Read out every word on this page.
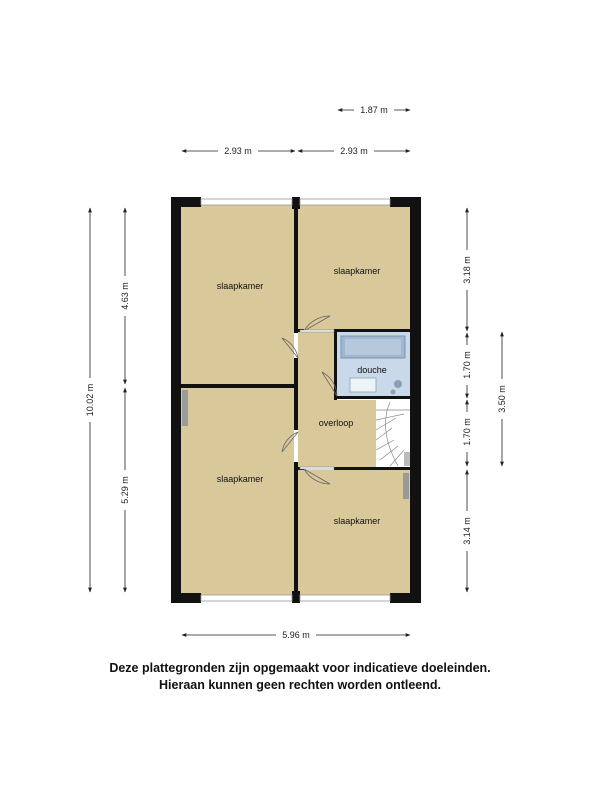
slaapkamer
slaapkamer
douche
overloop
slaapkamer
slaapkamer
1.87 m
2.93 m	2.93 m
5.96 m
10.02 m
4.63 m
5.29 m
3.18 m
1.70 m
1.70 m
3.14 m
3.50 m
Deze plattegronden zijn opgemaakt voor indicatieve doeleinden.
Hieraan kunnen geen rechten worden ontleend.
